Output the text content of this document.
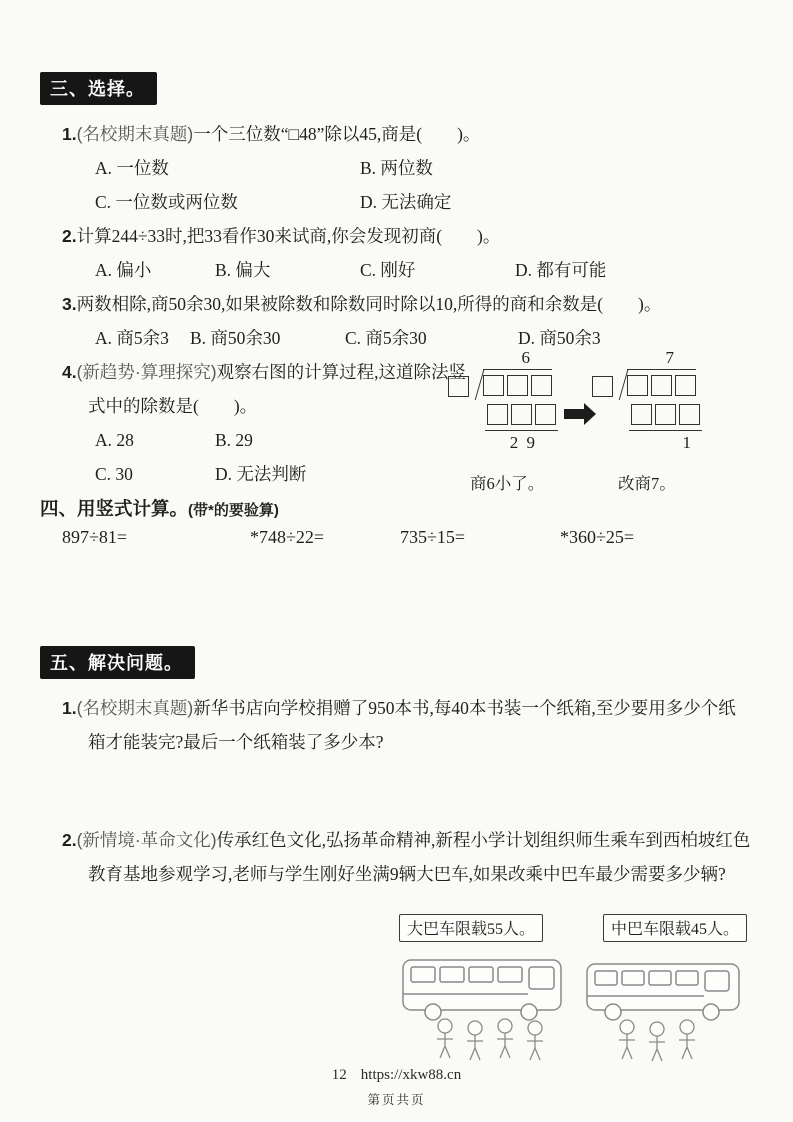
三、选择。

1.(名校期末真题)一个三位数“□48”除以45,商是(　　)。

A. 一位数	B. 两位数
C. 一位数或两位数	D. 无法确定

2.计算244÷33时,把33看作30来试商,你会发现初商(　　)。

A. 偏小	B. 偏大	C. 刚好	D. 都有可能

3.两数相除,商50余30,如果被除数和除数同时除以10,所得的商和余数是(　　)。

A. 商5余3	B. 商50余30	C. 商5余30	D. 商50余3

4.(新趋势·算理探究)观察右图的计算过程,这道除法竖式中的除数是(　　)。

A. 28	B. 29
C. 30	D. 无法判断
6
2 9
7
1
商6小了。	改商7。
四、用竖式计算。(带*的要验算)
897÷81=	*748÷22=	735÷15=	*360÷25=
五、解决问题。

1.(名校期末真题)新华书店向学校捐赠了950本书,每40本书装一个纸箱,至少要用多少个纸箱才能装完?最后一个纸箱装了多少本?

2.(新情境·革命文化)传承红色文化,弘扬革命精神,新程小学计划组织师生乘车到西柏坡红色教育基地参观学习,老师与学生刚好坐满9辆大巴车,如果改乘中巴车最少需要多少辆?

大巴车限载55人。	中巴车限载45人。
12 https://xkw88.cn
第页共页
